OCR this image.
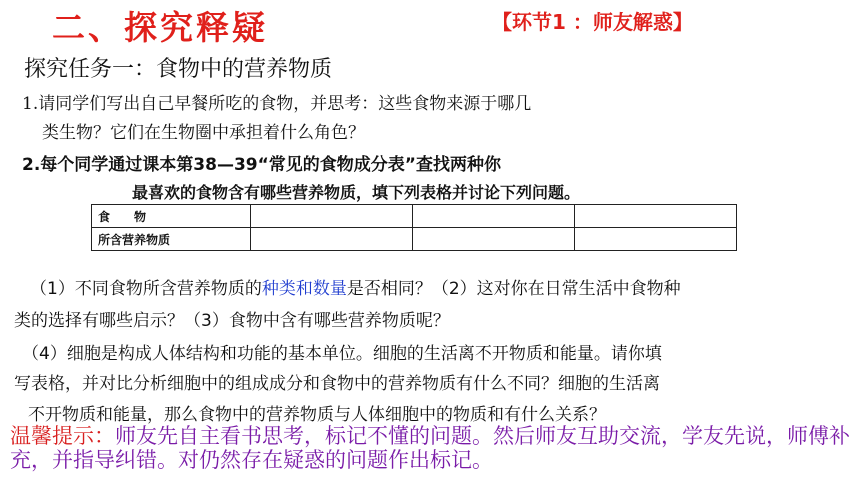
二、探究释疑	【环节1 ：师友解惑】
探究任务一：食物中的营养物质
1.请同学们写出自己早餐所吃的食物，并思考：这些食物来源于哪几
类生物？它们在生物圈中承担着什么角色？
2.每个同学通过课本第38—39“常见的食物成分表”查找两种你
最喜欢的食物含有哪些营养物质，填下列表格并讨论下列问题。
食　　物			
所含营养物质			
（1）不同食物所含营养物质的种类和数量是否相同？（2）这对你在日常生活中食物种
类的选择有哪些启示？（3）食物中含有哪些营养物质呢？
（4）细胞是构成人体结构和功能的基本单位。细胞的生活离不开物质和能量。请你填
写表格，并对比分析细胞中的组成成分和食物中的营养物质有什么不同？细胞的生活离
不开物质和能量，那么食物中的营养物质与人体细胞中的物质和有什么关系？
温馨提示：师友先自主看书思考，标记不懂的问题。然后师友互助交流，学友先说，师傅补充，并指导纠错。对仍然存在疑惑的问题作出标记。
